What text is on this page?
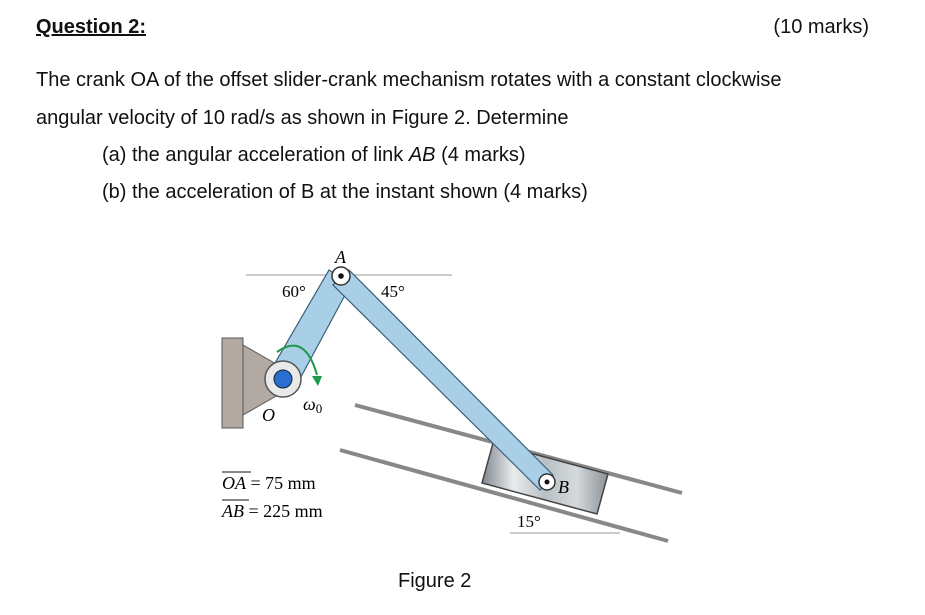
Question 2:	(10 marks)
The crank OA of the offset slider-crank mechanism rotates with a constant clockwise
angular velocity of 10 rad/s as shown in Figure 2. Determine
(a) the angular acceleration of link AB (4 marks)
(b) the acceleration of B at the instant shown (4 marks)
A
B
O
60°	45°
15°
ω0
OA = 75 mm
AB = 225 mm
Figure 2
